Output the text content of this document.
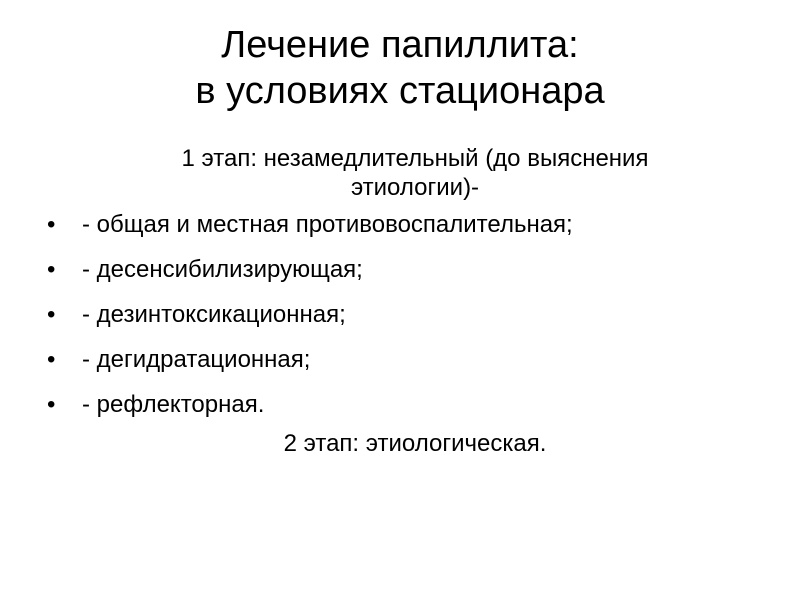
Лечение папиллита:
в условиях стационара
1 этап: незамедлительный (до выяснения
этиологии)-
• - общая и местная противовоспалительная;
• - десенсибилизирующая;
• - дезинтоксикационная;
• - дегидратационная;
• - рефлекторная.
2 этап: этиологическая.
